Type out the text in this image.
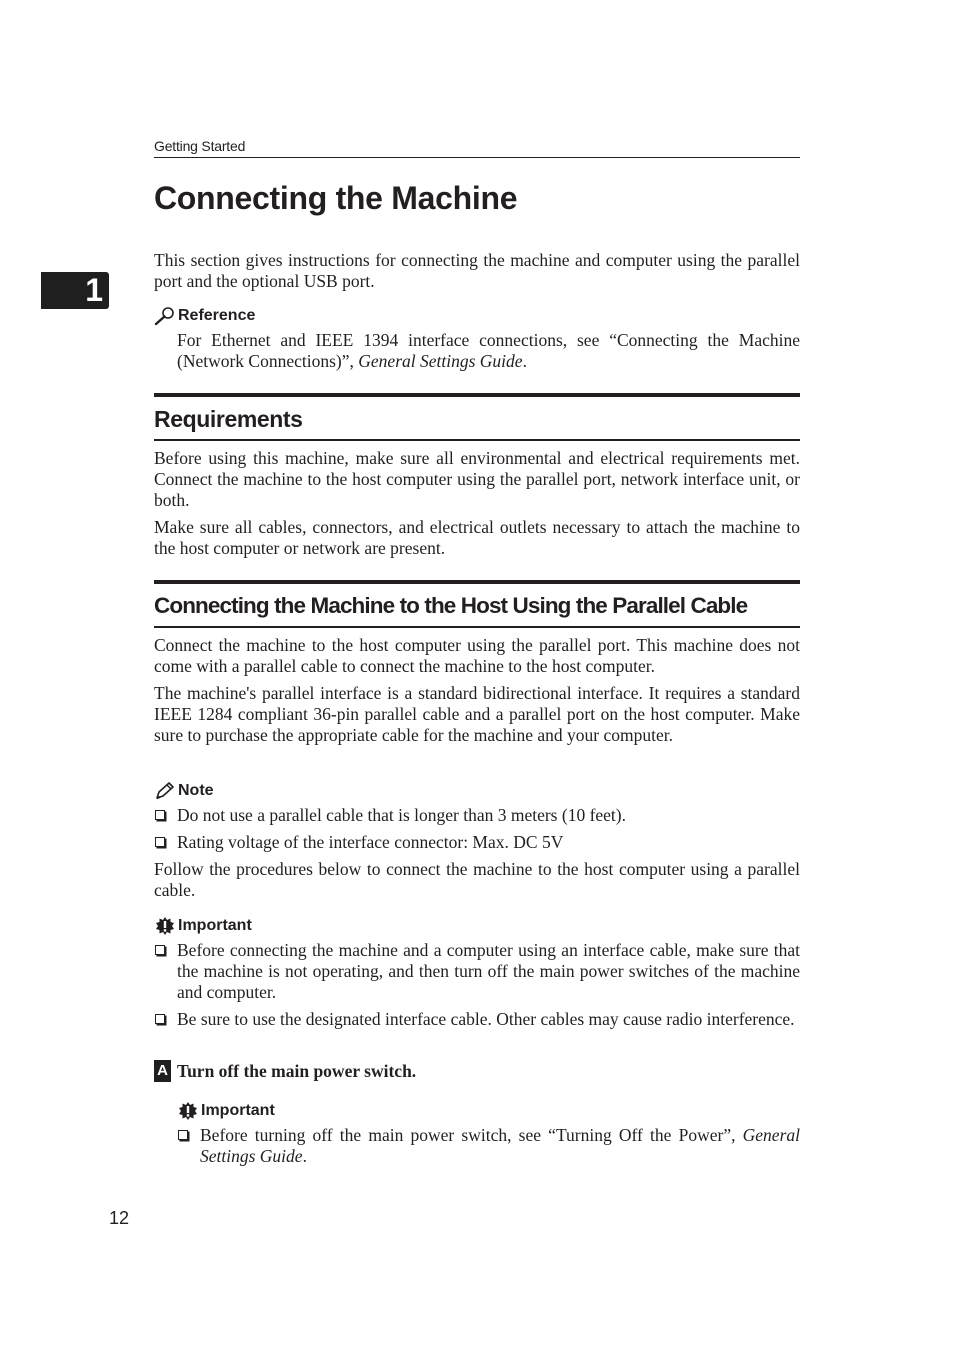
1
Getting Started
Connecting the Machine

This section gives instructions for connecting the machine and computer using the parallel port and the optional USB port.

Reference

For Ethernet and IEEE 1394 interface connections, see “Connecting the Machine (Network Connections)”, General Settings Guide.

Requirements

Before using this machine, make sure all environmental and electrical requirements met. Connect the machine to the host computer using the parallel port, network interface unit, or both.

Make sure all cables, connectors, and electrical outlets necessary to attach the machine to the host computer or network are present.

Connecting the Machine to the Host Using the Parallel Cable

Connect the machine to the host computer using the parallel port. This machine does not come with a parallel cable to connect the machine to the host computer.

The machine's parallel interface is a standard bidirectional interface. It requires a standard IEEE 1284 compliant 36-pin parallel cable and a parallel port on the host computer. Make sure to purchase the appropriate cable for the machine and your computer.

Note
Do not use a parallel cable that is longer than 3 meters (10 feet).
Rating voltage of the interface connector: Max. DC 5V

Follow the procedures below to connect the machine to the host computer using a parallel cable.

Important
Before connecting the machine and a computer using an interface cable, make sure that the machine is not operating, and then turn off the main power switches of the machine and computer.
Be sure to use the designated interface cable. Other cables may cause radio interference.
A Turn off the main power switch.
Important
Before turning off the main power switch, see “Turning Off the Power”, General Settings Guide.
12
